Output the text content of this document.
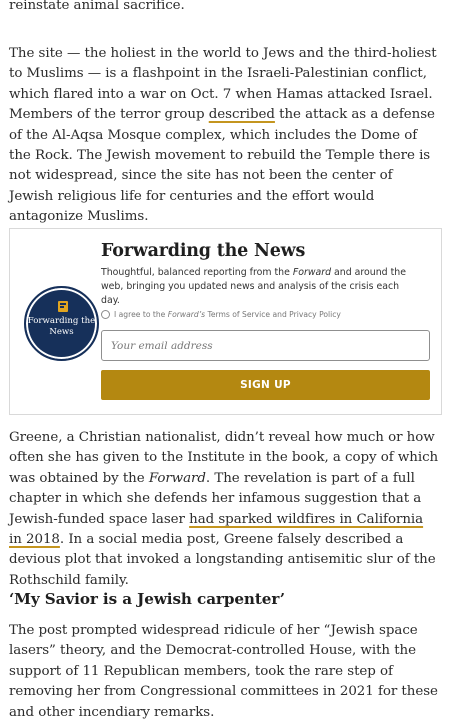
reinstate animal sacrifice.

The site — the holiest in the world to Jews and the third-holiest to Muslims — is a flashpoint in the Israeli-Palestinian conflict, which flared into a war on Oct. 7 when Hamas attacked Israel. Members of the terror group described the attack as a defense of the Al-Aqsa Mosque complex, which includes the Dome of the Rock. The Jewish movement to rebuild the Temple there is not widespread, since the site has not been the center of Jewish religious life for centuries and the effort would antagonize Muslims.

Forwarding the News
Forwarding the News

Thoughtful, balanced reporting from the Forward and around the web, bringing you updated news and analysis of the crisis each day.

I agree to the Forward’s Terms of Service and Privacy Policy
Your email address
SIGN UP

Greene, a Christian nationalist, didn’t reveal how much or how often she has given to the Institute in the book, a copy of which was obtained by the Forward. The revelation is part of a full chapter in which she defends her infamous suggestion that a Jewish-funded space laser had sparked wildfires in California in 2018. In a social media post, Greene falsely described a devious plot that invoked a longstanding antisemitic slur of the Rothschild family.

‘My Savior is a Jewish carpenter’

The post prompted widespread ridicule of her “Jewish space lasers” theory, and the Democrat-controlled House, with the support of 11 Republican members, took the rare step of removing her from Congressional committees in 2021 for these and other incendiary remarks.
